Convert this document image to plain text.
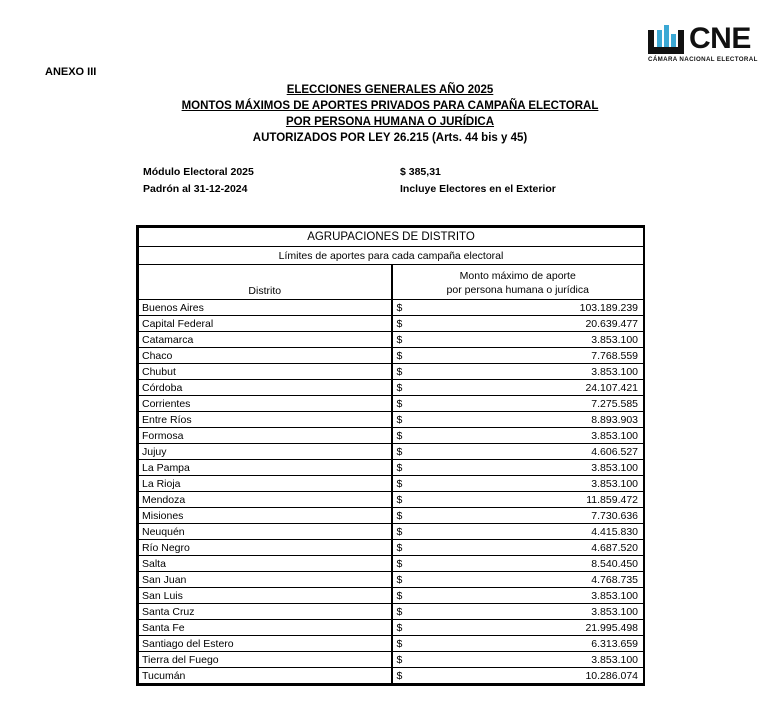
CNE
CÁMARA NACIONAL ELECTORAL
ANEXO III
ELECCIONES GENERALES AÑO 2025
MONTOS MÁXIMOS DE APORTES PRIVADOS PARA CAMPAÑA ELECTORAL
POR PERSONA HUMANA O JURÍDICA
AUTORIZADOS POR LEY 26.215 (Arts. 44 bis y 45)
Módulo Electoral 2025	$ 385,31
Padrón al 31-12-2024	Incluye Electores en el Exterior
AGRUPACIONES DE DISTRITO	
Límites de aportes para cada campaña electoral	
Distrito	Monto máximo de aporte
por persona humana o jurídica

Buenos Aires	$ 103.189.239

Capital Federal	$ 20.639.477

Catamarca	$ 3.853.100

Chaco	$ 7.768.559

Chubut	$ 3.853.100

Córdoba	$ 24.107.421

Corrientes	$ 7.275.585

Entre Ríos	$ 8.893.903

Formosa	$ 3.853.100

Jujuy	$ 4.606.527

La Pampa	$ 3.853.100

La Rioja	$ 3.853.100

Mendoza	$ 11.859.472

Misiones	$ 7.730.636

Neuquén	$ 4.415.830

Río Negro	$ 4.687.520

Salta	$ 8.540.450

San Juan	$ 4.768.735

San Luis	$ 3.853.100

Santa Cruz	$ 3.853.100

Santa Fe	$ 21.995.498

Santiago del Estero	$ 6.313.659

Tierra del Fuego	$ 3.853.100

Tucumán	$ 10.286.074
